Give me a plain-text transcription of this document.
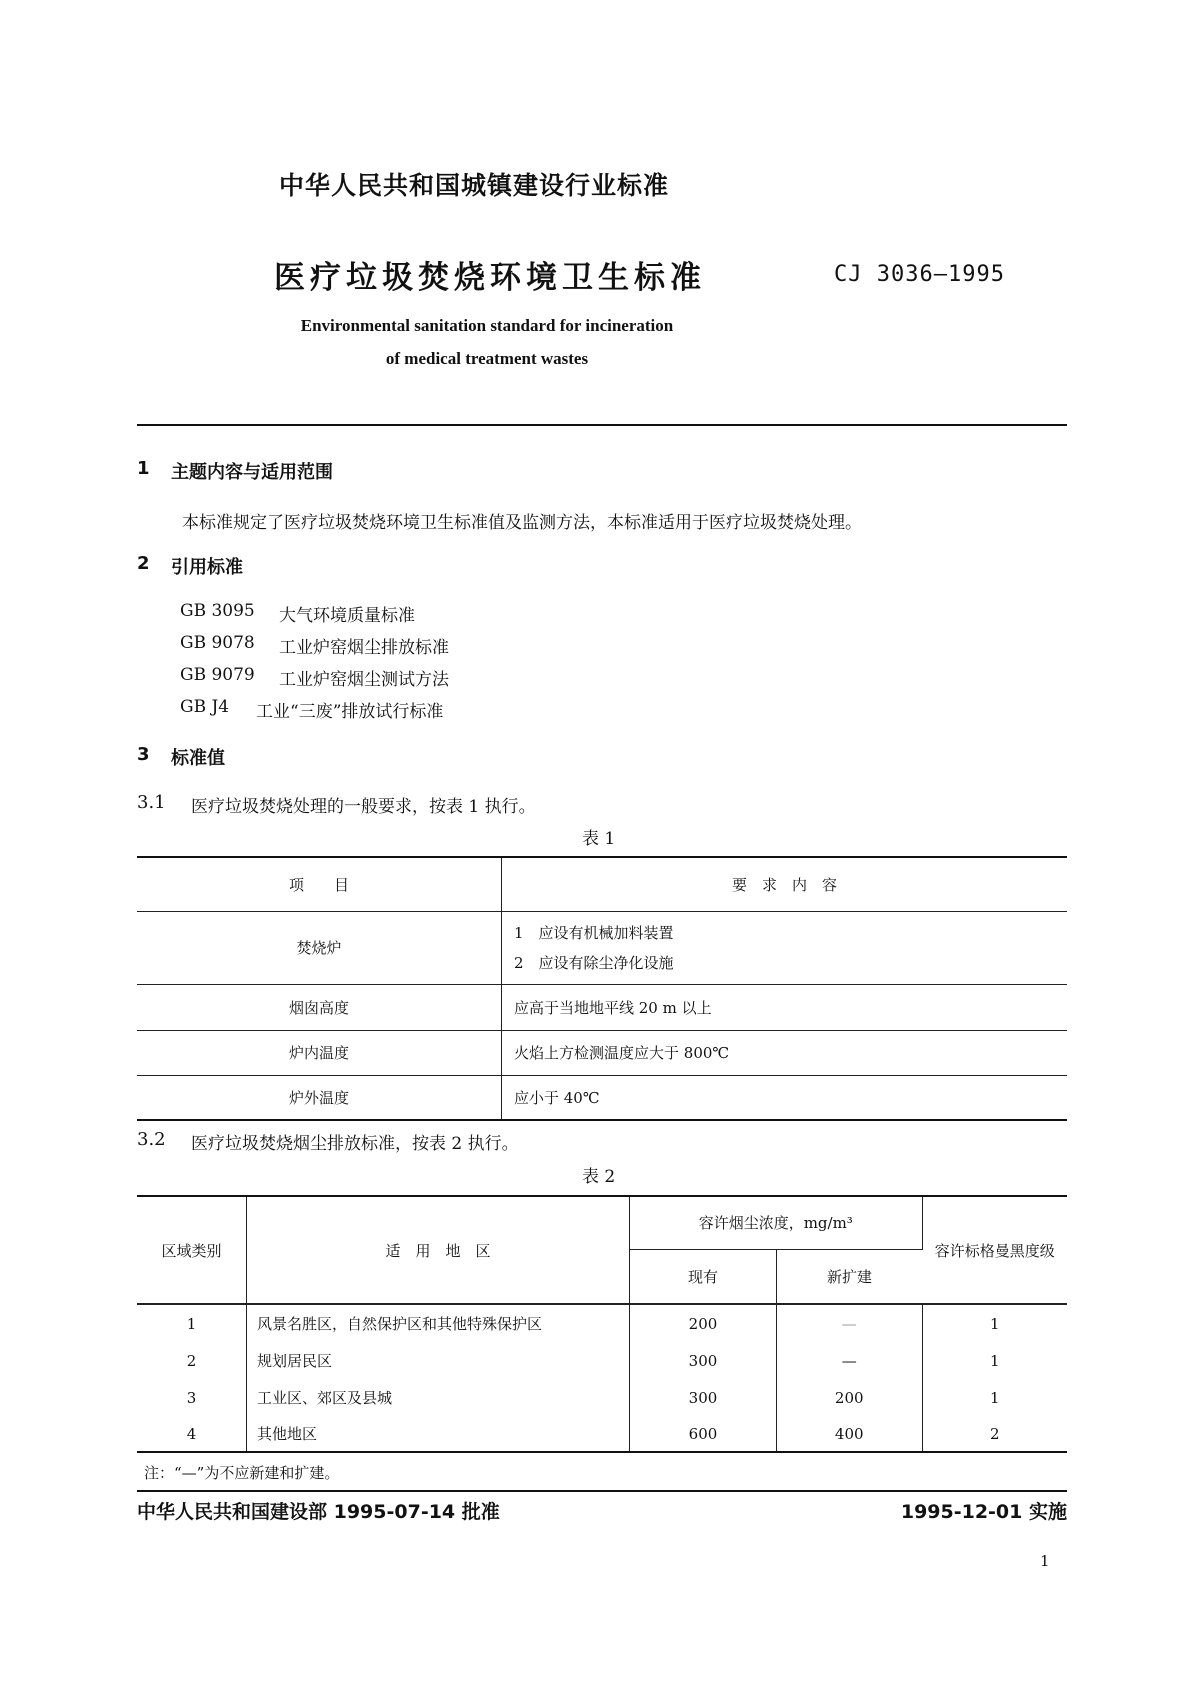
中华人民共和国城镇建设行业标准
医疗垃圾焚烧环境卫生标准	CJ 3036—1995
Environmental sanitation standard for incineration
of medical treatment wastes
1 主题内容与适用范围
本标准规定了医疗垃圾焚烧环境卫生标准值及监测方法，本标准适用于医疗垃圾焚烧处理。
2 引用标准
GB 3095 大气环境质量标准
GB 9078 工业炉窑烟尘排放标准
GB 9079 工业炉窑烟尘测试方法
GB J4 工业“三废”排放试行标准
3 标准值
3.1 医疗垃圾焚烧处理的一般要求，按表 1 执行。
表 1
项　　目	要　求　内　容
焚烧炉	1　应设有机械加料装置
2　应设有除尘净化设施

烟囱高度	应高于当地地平线 20 m 以上
炉内温度	火焰上方检测温度应大于 800℃
炉外温度	应小于 40℃
3.2 医疗垃圾焚烧烟尘排放标准，按表 2 执行。
表 2
区域类别	适　用　地　区	容许烟尘浓度，mg/m³		容许标格曼黑度级
		现有	新扩建	
1	风景名胜区，自然保护区和其他特殊保护区	200	—	1
2	规划居民区	300	—	1
3	工业区、郊区及县城	300	200	1
4	其他地区	600	400	2
注：“—”为不应新建和扩建。
中华人民共和国建设部 1995-07-14 批准	1995-12-01 实施
1
